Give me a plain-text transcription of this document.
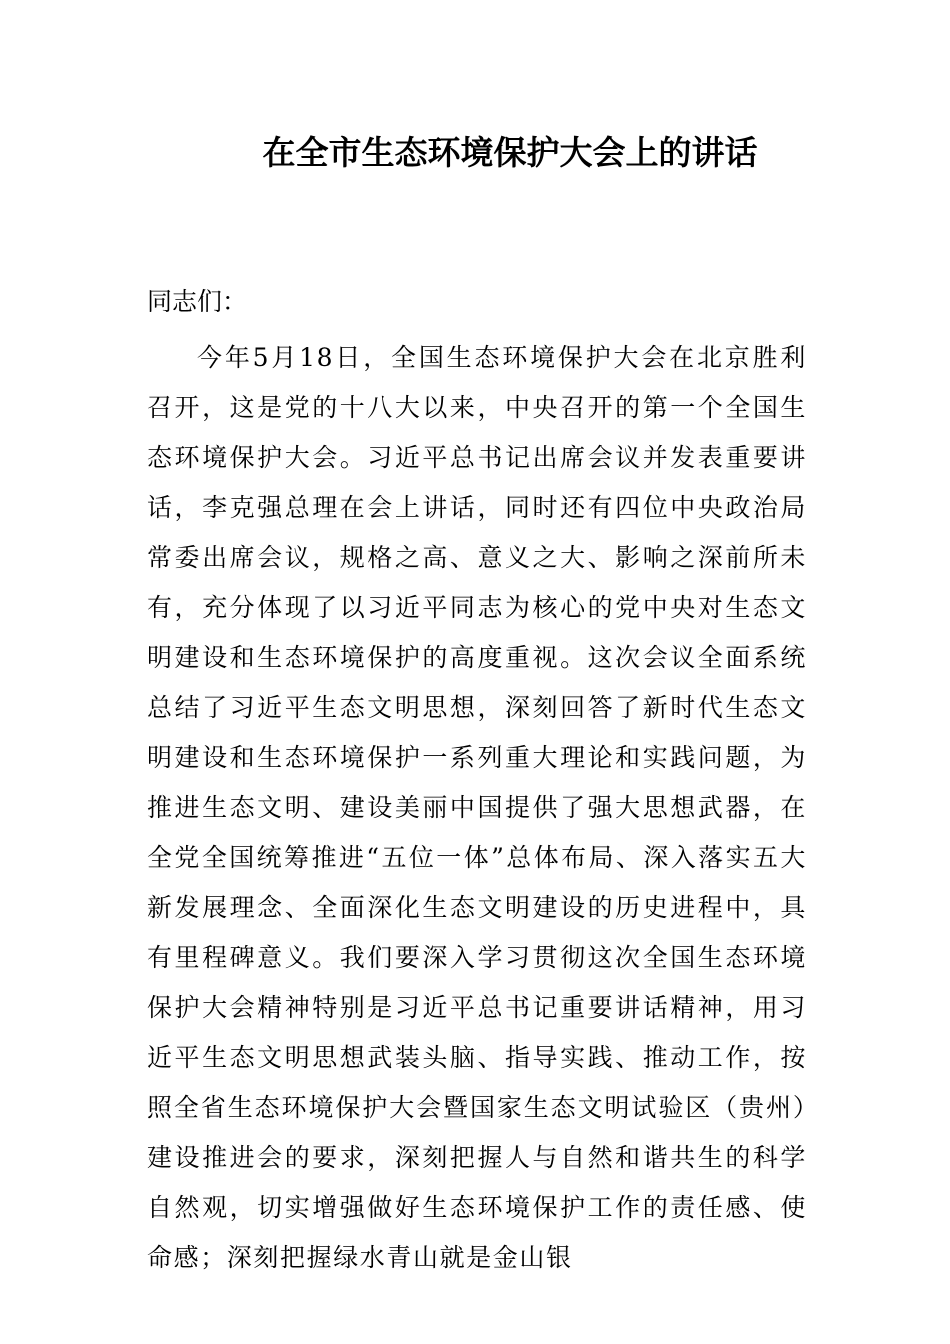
在全市生态环境保护大会上的讲话
同志们：

今年5月18日，全国生态环境保护大会在北京胜利召开，这是党的十八大以来，中央召开的第一个全国生态环境保护大会。习近平总书记出席会议并发表重要讲话，李克强总理在会上讲话，同时还有四位中央政治局常委出席会议，规格之高、意义之大、影响之深前所未有，充分体现了以习近平同志为核心的党中央对生态文明建设和生态环境保护的高度重视。这次会议全面系统总结了习近平生态文明思想，深刻回答了新时代生态文明建设和生态环境保护一系列重大理论和实践问题，为推进生态文明、建设美丽中国提供了强大思想武器，在全党全国统筹推进“五位一体”总体布局、深入落实五大新发展理念、全面深化生态文明建设的历史进程中，具有里程碑意义。我们要深入学习贯彻这次全国生态环境保护大会精神特别是习近平总书记重要讲话精神，用习近平生态文明思想武装头脑、指导实践、推动工作，按照全省生态环境保护大会暨国家生态文明试验区（贵州）建设推进会的要求，深刻把握人与自然和谐共生的科学自然观，切实增强做好生态环境保护工作的责任感、使命感；深刻把握绿水青山就是金山银
